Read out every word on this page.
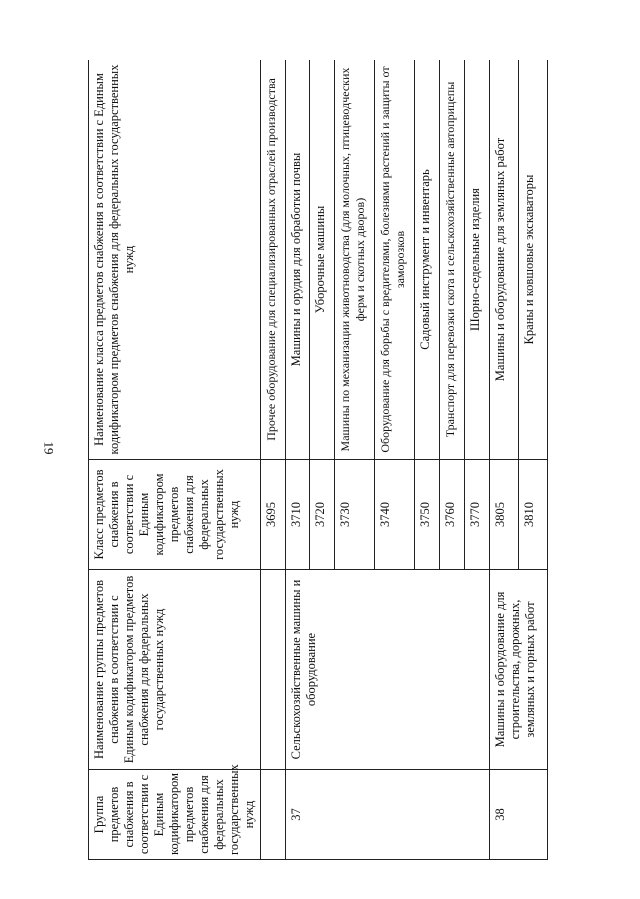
19
Группа предметов снабжения в соответствии с Единым кодификатором предметов снабжения для федеральных государственных нужд	Наименование группы предметов снабжения в соответствии с Единым кодификатором предметов снабжения для федеральных государственных нужд	Класс предметов снабжения в соответствии с Единым кодификатором предметов снабжения для федеральных государственных нужд	Наименование класса предметов снабжения в соответствии с Единым кодификатором предметов снабжения для федеральных государственных нужд
		3695	Прочее оборудование для специализированных отраслей производства
37	Сельскохозяйственные машины и оборудование	3710	Машины и орудия для обработки почвы
		3720	Уборочные машины
		3730	Машины по механизации животноводства (для молочных, птицеводческих ферм и скотных дворов)
		3740	Оборудование для борьбы с вредителями, болезнями растений и защиты от заморозков
		3750	Садовый инструмент и инвентарь
		3760	Транспорт для перевозки скота и сельскохозяйственные автоприцепы
		3770	Шорно-седельные изделия
38	Машины и оборудование для строительства, дорожных, земляных и горных работ	3805	Машины и оборудование для земляных работ
		3810	Краны и ковшовые экскаваторы
